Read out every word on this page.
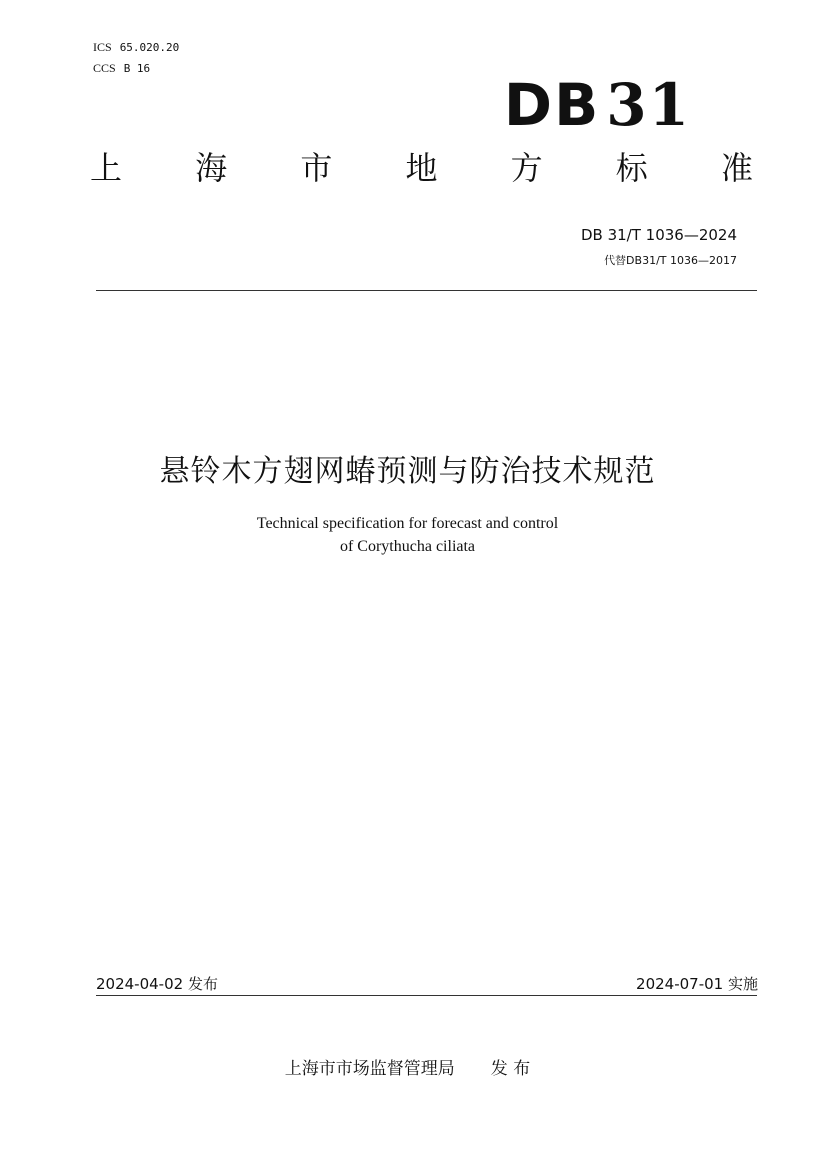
ICS 65.020.20
CCS B 16
DB 31
上 海 市 地 方 标 准
DB 31/T 1036—2024
代替DB31/T 1036—2017
悬铃木方翅网蝽预测与防治技术规范
Technical specification for forecast and control
of Corythucha ciliata
2024-04-02 发布	2024-07-01 实施
上海市市场监督管理局 发 布
